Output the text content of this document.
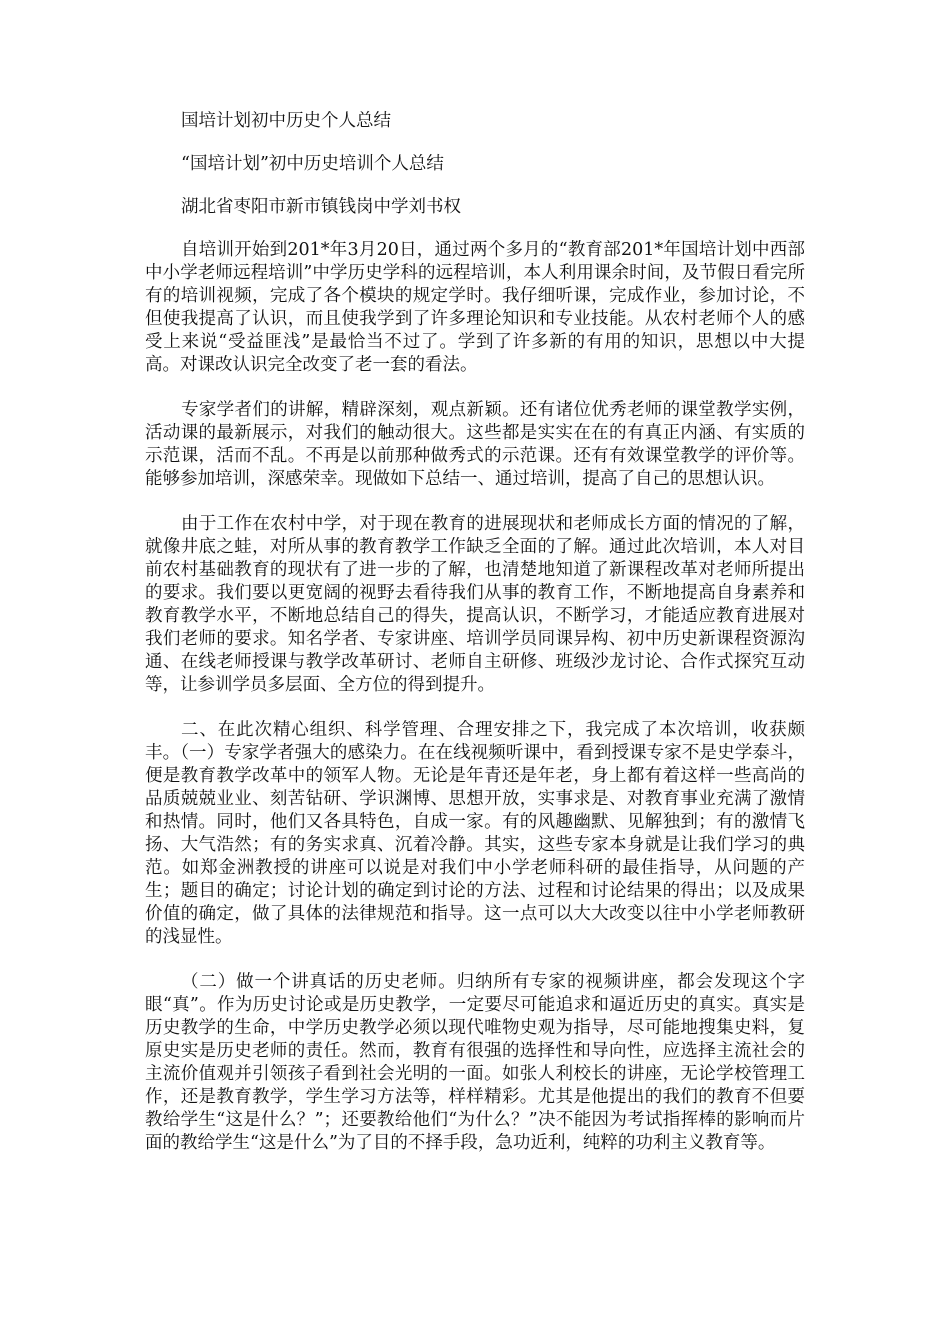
国培计划初中历史个人总结

“国培计划”初中历史培训个人总结

湖北省枣阳市新市镇钱岗中学刘书权

自培训开始到201*年3月20日，通过两个多月的“教育部201*年国培计划中西部中小学老师远程培训”中学历史学科的远程培训，本人利用课余时间，及节假日看完所有的培训视频，完成了各个模块的规定学时。我仔细听课，完成作业，参加讨论，不但使我提高了认识，而且使我学到了许多理论知识和专业技能。从农村老师个人的感受上来说“受益匪浅”是最恰当不过了。学到了许多新的有用的知识，思想以中大提高。对课改认识完全改变了老一套的看法。

专家学者们的讲解，精辟深刻，观点新颖。还有诸位优秀老师的课堂教学实例，活动课的最新展示，对我们的触动很大。这些都是实实在在的有真正内涵、有实质的示范课，活而不乱。不再是以前那种做秀式的示范课。还有有效课堂教学的评价等。能够参加培训，深感荣幸。现做如下总结一、通过培训，提高了自己的思想认识。

由于工作在农村中学，对于现在教育的进展现状和老师成长方面的情况的了解，就像井底之蛙，对所从事的教育教学工作缺乏全面的了解。通过此次培训，本人对目前农村基础教育的现状有了进一步的了解，也清楚地知道了新课程改革对老师所提出的要求。我们要以更宽阔的视野去看待我们从事的教育工作，不断地提高自身素养和教育教学水平，不断地总结自己的得失，提高认识，不断学习，才能适应教育进展对我们老师的要求。知名学者、专家讲座、培训学员同课异构、初中历史新课程资源沟通、在线老师授课与教学改革研讨、老师自主研修、班级沙龙讨论、合作式探究互动等，让参训学员多层面、全方位的得到提升。

二、在此次精心组织、科学管理、合理安排之下，我完成了本次培训，收获颇丰。（一）专家学者强大的感染力。在在线视频听课中，看到授课专家不是史学泰斗，便是教育教学改革中的领军人物。无论是年青还是年老，身上都有着这样一些高尚的品质兢兢业业、刻苦钻研、学识渊博、思想开放，实事求是、对教育事业充满了激情和热情。同时，他们又各具特色，自成一家。有的风趣幽默、见解独到；有的激情飞扬、大气浩然；有的务实求真、沉着冷静。其实，这些专家本身就是让我们学习的典范。如郑金洲教授的讲座可以说是对我们中小学老师科研的最佳指导，从问题的产生；题目的确定；讨论计划的确定到讨论的方法、过程和讨论结果的得出；以及成果价值的确定，做了具体的法律规范和指导。这一点可以大大改变以往中小学老师教研的浅显性。

（二）做一个讲真话的历史老师。归纳所有专家的视频讲座，都会发现这个字眼“真”。作为历史讨论或是历史教学，一定要尽可能追求和逼近历史的真实。真实是历史教学的生命，中学历史教学必须以现代唯物史观为指导，尽可能地搜集史料，复原史实是历史老师的责任。然而，教育有很强的选择性和导向性，应选择主流社会的主流价值观并引领孩子看到社会光明的一面。如张人利校长的讲座，无论学校管理工作，还是教育教学，学生学习方法等，样样精彩。尤其是他提出的我们的教育不但要教给学生“这是什么？”；还要教给他们“为什么？”决不能因为考试指挥棒的影响而片面的教给学生“这是什么”为了目的不择手段，急功近利，纯粹的功利主义教育等。
